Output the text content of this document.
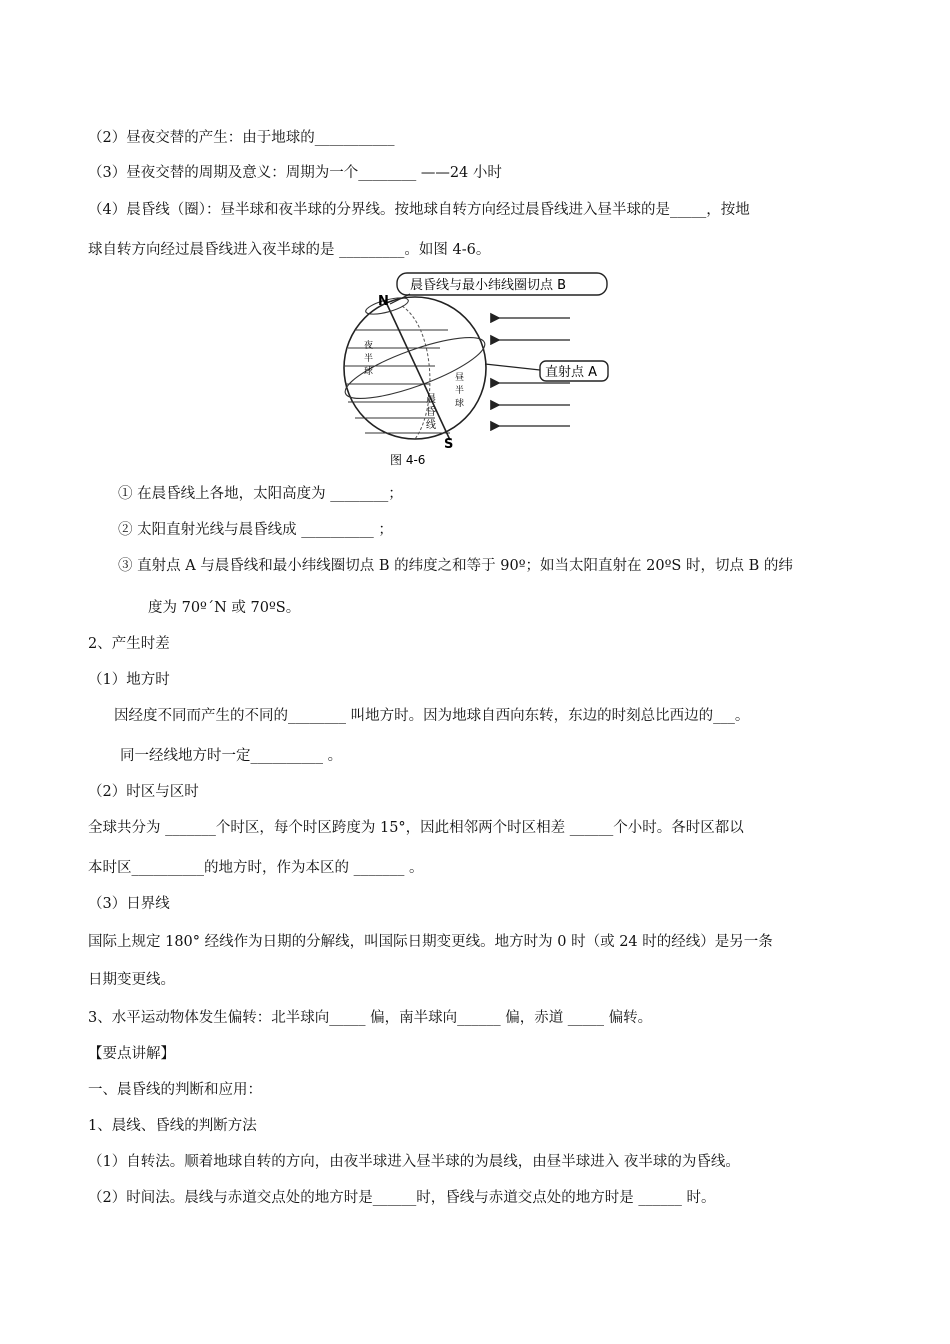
（2）昼夜交替的产生：由于地球的___________
（3）昼夜交替的周期及意义：周期为一个________ ——24 小时
（4）晨昏线（圈）：昼半球和夜半球的分界线。按地球自转方向经过晨昏线进入昼半球的是_____，按地
球自转方向经过晨昏线进入夜半球的是 _________。如图 4-6。
N
S
夜
半
球
昼
半
球
晨
昏
线
晨昏线与最小纬线圈切点 B
直射点 A
图 4-6
① 在晨昏线上各地，太阳高度为 ________；
② 太阳直射光线与晨昏线成 __________ ；
③ 直射点 A 与晨昏线和最小纬线圈切点 B 的纬度之和等于 90º；如当太阳直射在 20ºS 时，切点 B 的纬
度为 70º´N 或 70ºS。
2、产生时差
（1）地方时
因经度不同而产生的不同的________ 叫地方时。因为地球自西向东转，东边的时刻总比西边的___。
同一经线地方时一定__________ 。
（2）时区与区时
全球共分为 _______个时区，每个时区跨度为 15°，因此相邻两个时区相差 ______个小时。各时区都以
本时区__________的地方时，作为本区的 _______ 。
（3）日界线
国际上规定 180° 经线作为日期的分解线，叫国际日期变更线。地方时为 0 时（或 24 时的经线）是另一条
日期变更线。
3、水平运动物体发生偏转：北半球向_____ 偏，南半球向______ 偏，赤道 _____ 偏转。
【要点讲解】
一、晨昏线的判断和应用：
1、晨线、昏线的判断方法
（1）自转法。顺着地球自转的方向，由夜半球进入昼半球的为晨线，由昼半球进入 夜半球的为昏线。
（2）时间法。晨线与赤道交点处的地方时是______时，昏线与赤道交点处的地方时是 ______ 时。
